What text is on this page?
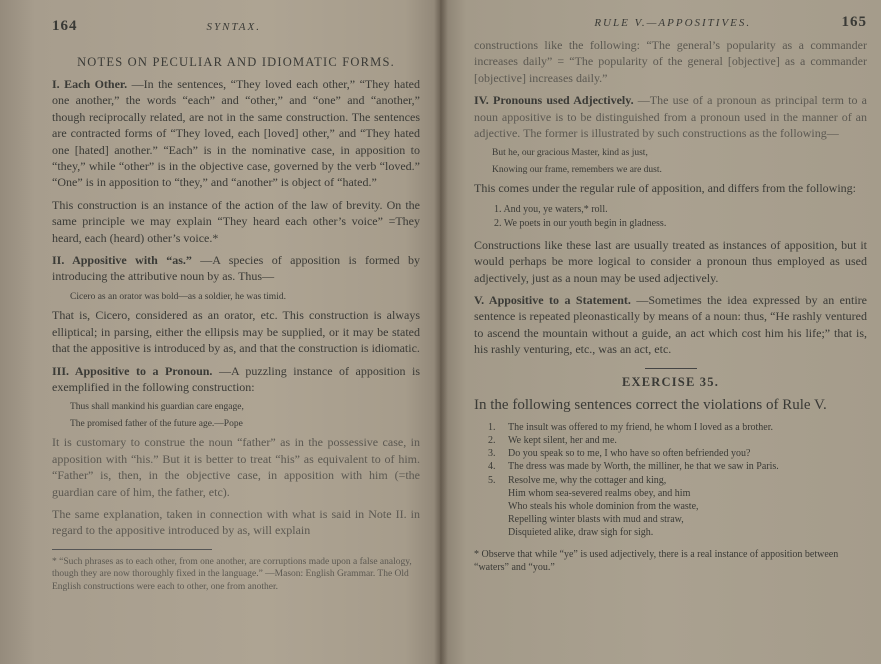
164	SYNTAX.
NOTES ON PECULIAR AND IDIOMATIC FORMS.

I. Each Other. —In the sentences, “They loved each other,” “They hated one another,” the words “each” and “other,” and “one” and “another,” though reciprocally related, are not in the same construction. The sentences are contracted forms of “They loved, each [loved] other,” and “They hated one [hated] another.” “Each” is in the nominative case, in apposition to “they,” while “other” is in the objective case, governed by the verb “loved.” “One” is in apposition to “they,” and “another” is object of “hated.”

This construction is an instance of the action of the law of brevity. On the same principle we may explain “They heard each other’s voice” =They heard, each (heard) other’s voice.*

II. Appositive with “as.” —A species of apposition is formed by introducing the attributive noun by as. Thus—

Cicero as an orator was bold—as a soldier, he was timid.

That is, Cicero, considered as an orator, etc. This construction is always elliptical; in parsing, either the ellipsis may be supplied, or it may be stated that the appositive is introduced by as, and that the construction is idiomatic.

III. Appositive to a Pronoun. —A puzzling instance of apposition is exemplified in the following construction:

Thus shall mankind his guardian care engage,
The promised father of the future age.—Pope

It is customary to construe the noun “father” as in the possessive case, in apposition with “his.” But it is better to treat “his” as equivalent to of him. “Father” is, then, in the objective case, in apposition with him (=the guardian care of him, the father, etc).

The same explanation, taken in connection with what is said in Note II. in regard to the appositive introduced by as, will explain

* “Such phrases as to each other, from one another, are corruptions made upon a false analogy, though they are now thoroughly fixed in the language.” —Mason: English Grammar. The Old English constructions were each to other, one from another.
RULE V.—APPOSITIVES.	165

constructions like the following: “The general’s popularity as a commander increases daily” = “The popularity of the general [objective] as a commander [objective] increases daily.”

IV. Pronouns used Adjectively. —The use of a pronoun as principal term to a noun appositive is to be distinguished from a pronoun used in the manner of an adjective. The former is illustrated by such constructions as the following—

But he, our gracious Master, kind as just,
Knowing our frame, remembers we are dust.

This comes under the regular rule of apposition, and differs from the following:

1. And you, ye waters,* roll.
2. We poets in our youth begin in gladness.

Constructions like these last are usually treated as instances of apposition, but it would perhaps be more logical to consider a pronoun thus employed as used adjectively, just as a noun may be used adjectively.

V. Appositive to a Statement. —Sometimes the idea expressed by an entire sentence is repeated pleonastically by means of a noun: thus, “He rashly ventured to ascend the mountain without a guide, an act which cost him his life;” that is, his rashly venturing, etc., was an act, etc.

EXERCISE 35.
In the following sentences correct the violations of Rule V.
1.	The insult was offered to my friend, he whom I loved as a brother.
2.	We kept silent, her and me.
3.	Do you speak so to me, I who have so often befriended you?
4.	The dress was made by Worth, the milliner, he that we saw in Paris.
5.	Resolve me, why the cottager and king,
Him whom sea-severed realms obey, and him
Who steals his whole dominion from the waste,
Repelling winter blasts with mud and straw,
Disquieted alike, draw sigh for sigh.
* Observe that while “ye” is used adjectively, there is a real instance of apposition between “waters” and “you.”
